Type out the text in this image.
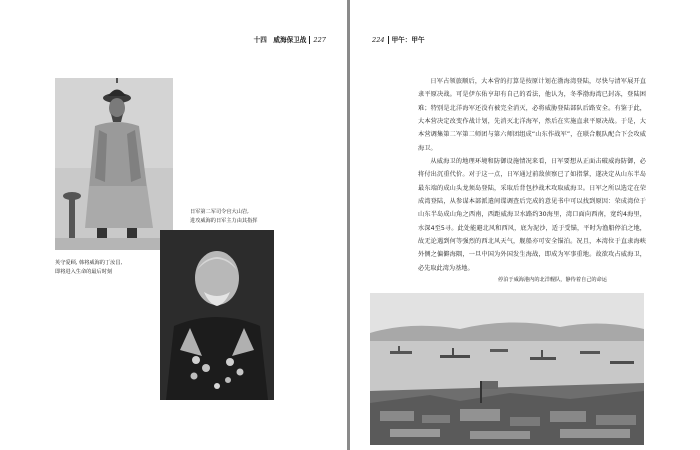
十四　威海保卫战 227
日军第二军司令官大山岩,
进攻威海的日军主力由其指挥
英守爱顾, 韩将威海的丁汝昌,
即将进入生命的最后时刻
224 甲午：甲午

日军占领旅顺后，大本营的打算是按原计划在渤海湾登陆，尽快与清军展开直隶平原决战。可是伊东佑亨却有自己的看法，他认为，冬季渤海湾已封冻，登陆困难；特别是北洋海军还没有被完全消灭，必将威胁登陆部队后路安全。有鉴于此，大本营决定改变作战计划，先消灭北洋海军，然后在实施直隶平原决战。于是，大本营调集第二军第二师团与第六师团组成“山东作战军”，在联合舰队配合下会攻威海卫。

从威海卫的地理环境和防御设施情况来看，日军要想从正面击破威海防御，必将付出沉重代价。对于这一点，日军通过前敌侦察已了如指掌，遂决定从山东半岛最东端的成山头龙须岛登陆，采取后背包抄战术攻取威海卫。日军之所以选定在荣成湾登陆，从参谋本部派遣间谍调查后完成的意见书中可以找到原因：荣成湾位于山东半岛成山角之西南，西距威海卫水路约30海里，湾口面向西南，宽约4海里，水深4至5寻。此处能避北风和西风，底为泥沙，适于受锚，平时为渔船停泊之地，故无论遇到何等强烈的西北风天气，舰船亦可安全锚泊。况且，本湾位于直隶海峡外侧之偏僻海隅，一旦中国为外国发生海战，即成为军事重地。故欲攻占威海卫，必先取此湾为基地。

停泊于威海港内的北洋舰队，静待着自己的命运
